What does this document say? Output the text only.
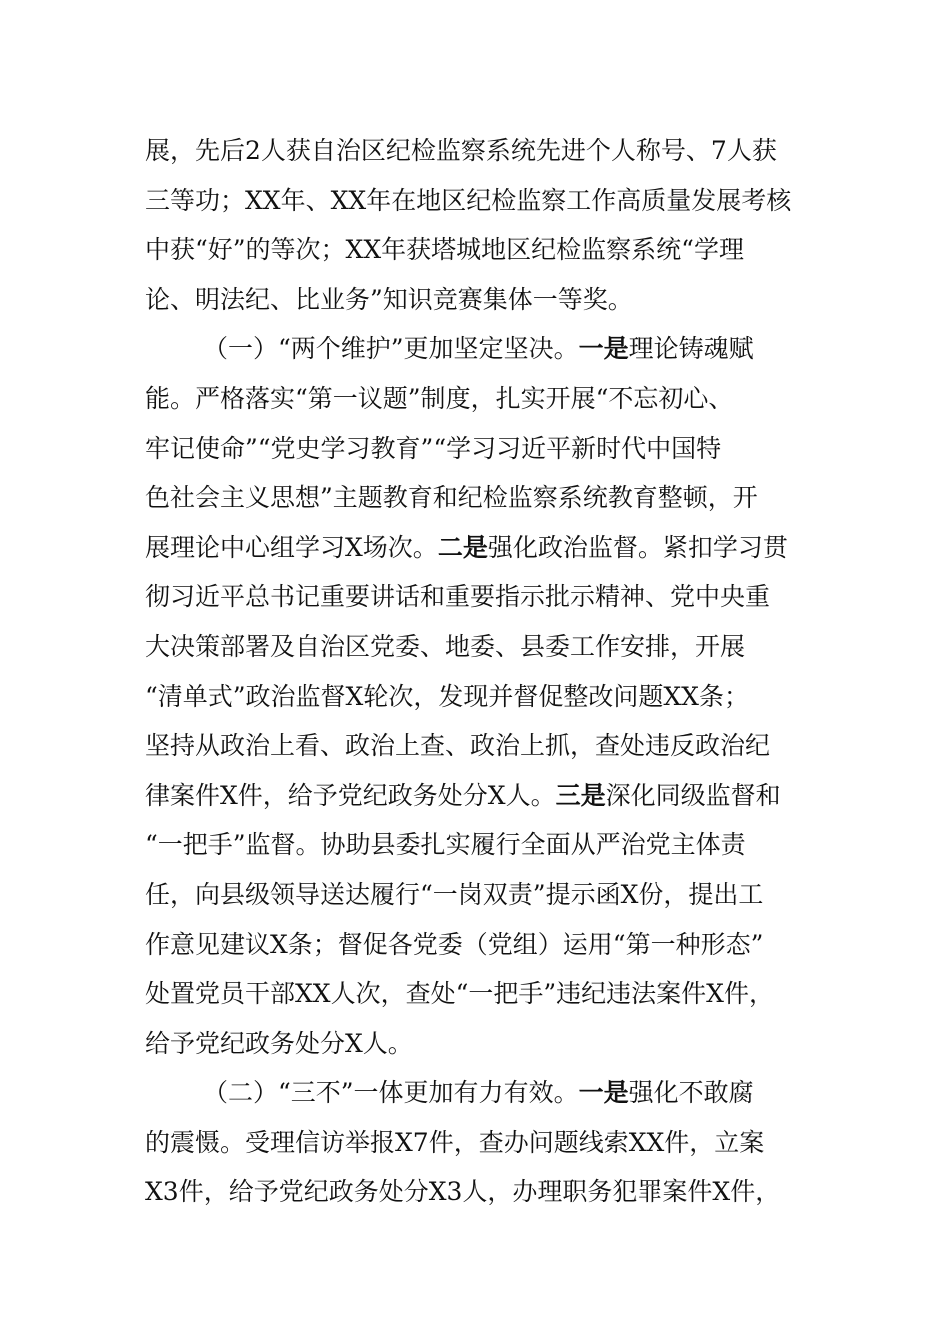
展，先后2人获自治区纪检监察系统先进个人称号、7人获
三等功；XX年、XX年在地区纪检监察工作高质量发展考核
中获“好”的等次；XX年获塔城地区纪检监察系统“学理
论、明法纪、比业务”知识竞赛集体一等奖。
（一）“两个维护”更加坚定坚决。一是理论铸魂赋
能。严格落实“第一议题”制度，扎实开展“不忘初心、
牢记使命”“党史学习教育”“学习习近平新时代中国特
色社会主义思想”主题教育和纪检监察系统教育整顿，开
展理论中心组学习X场次。二是强化政治监督。紧扣学习贯
彻习近平总书记重要讲话和重要指示批示精神、党中央重
大决策部署及自治区党委、地委、县委工作安排，开展
“清单式”政治监督X轮次，发现并督促整改问题XX条；
坚持从政治上看、政治上查、政治上抓，查处违反政治纪
律案件X件，给予党纪政务处分X人。三是深化同级监督和
“一把手”监督。协助县委扎实履行全面从严治党主体责
任，向县级领导送达履行“一岗双责”提示函X份，提出工
作意见建议X条；督促各党委（党组）运用“第一种形态”
处置党员干部XX人次，查处“一把手”违纪违法案件X件，
给予党纪政务处分X人。
（二）“三不”一体更加有力有效。一是强化不敢腐
的震慑。受理信访举报X7件，查办问题线索XX件，立案
X3件，给予党纪政务处分X3人，办理职务犯罪案件X件，
